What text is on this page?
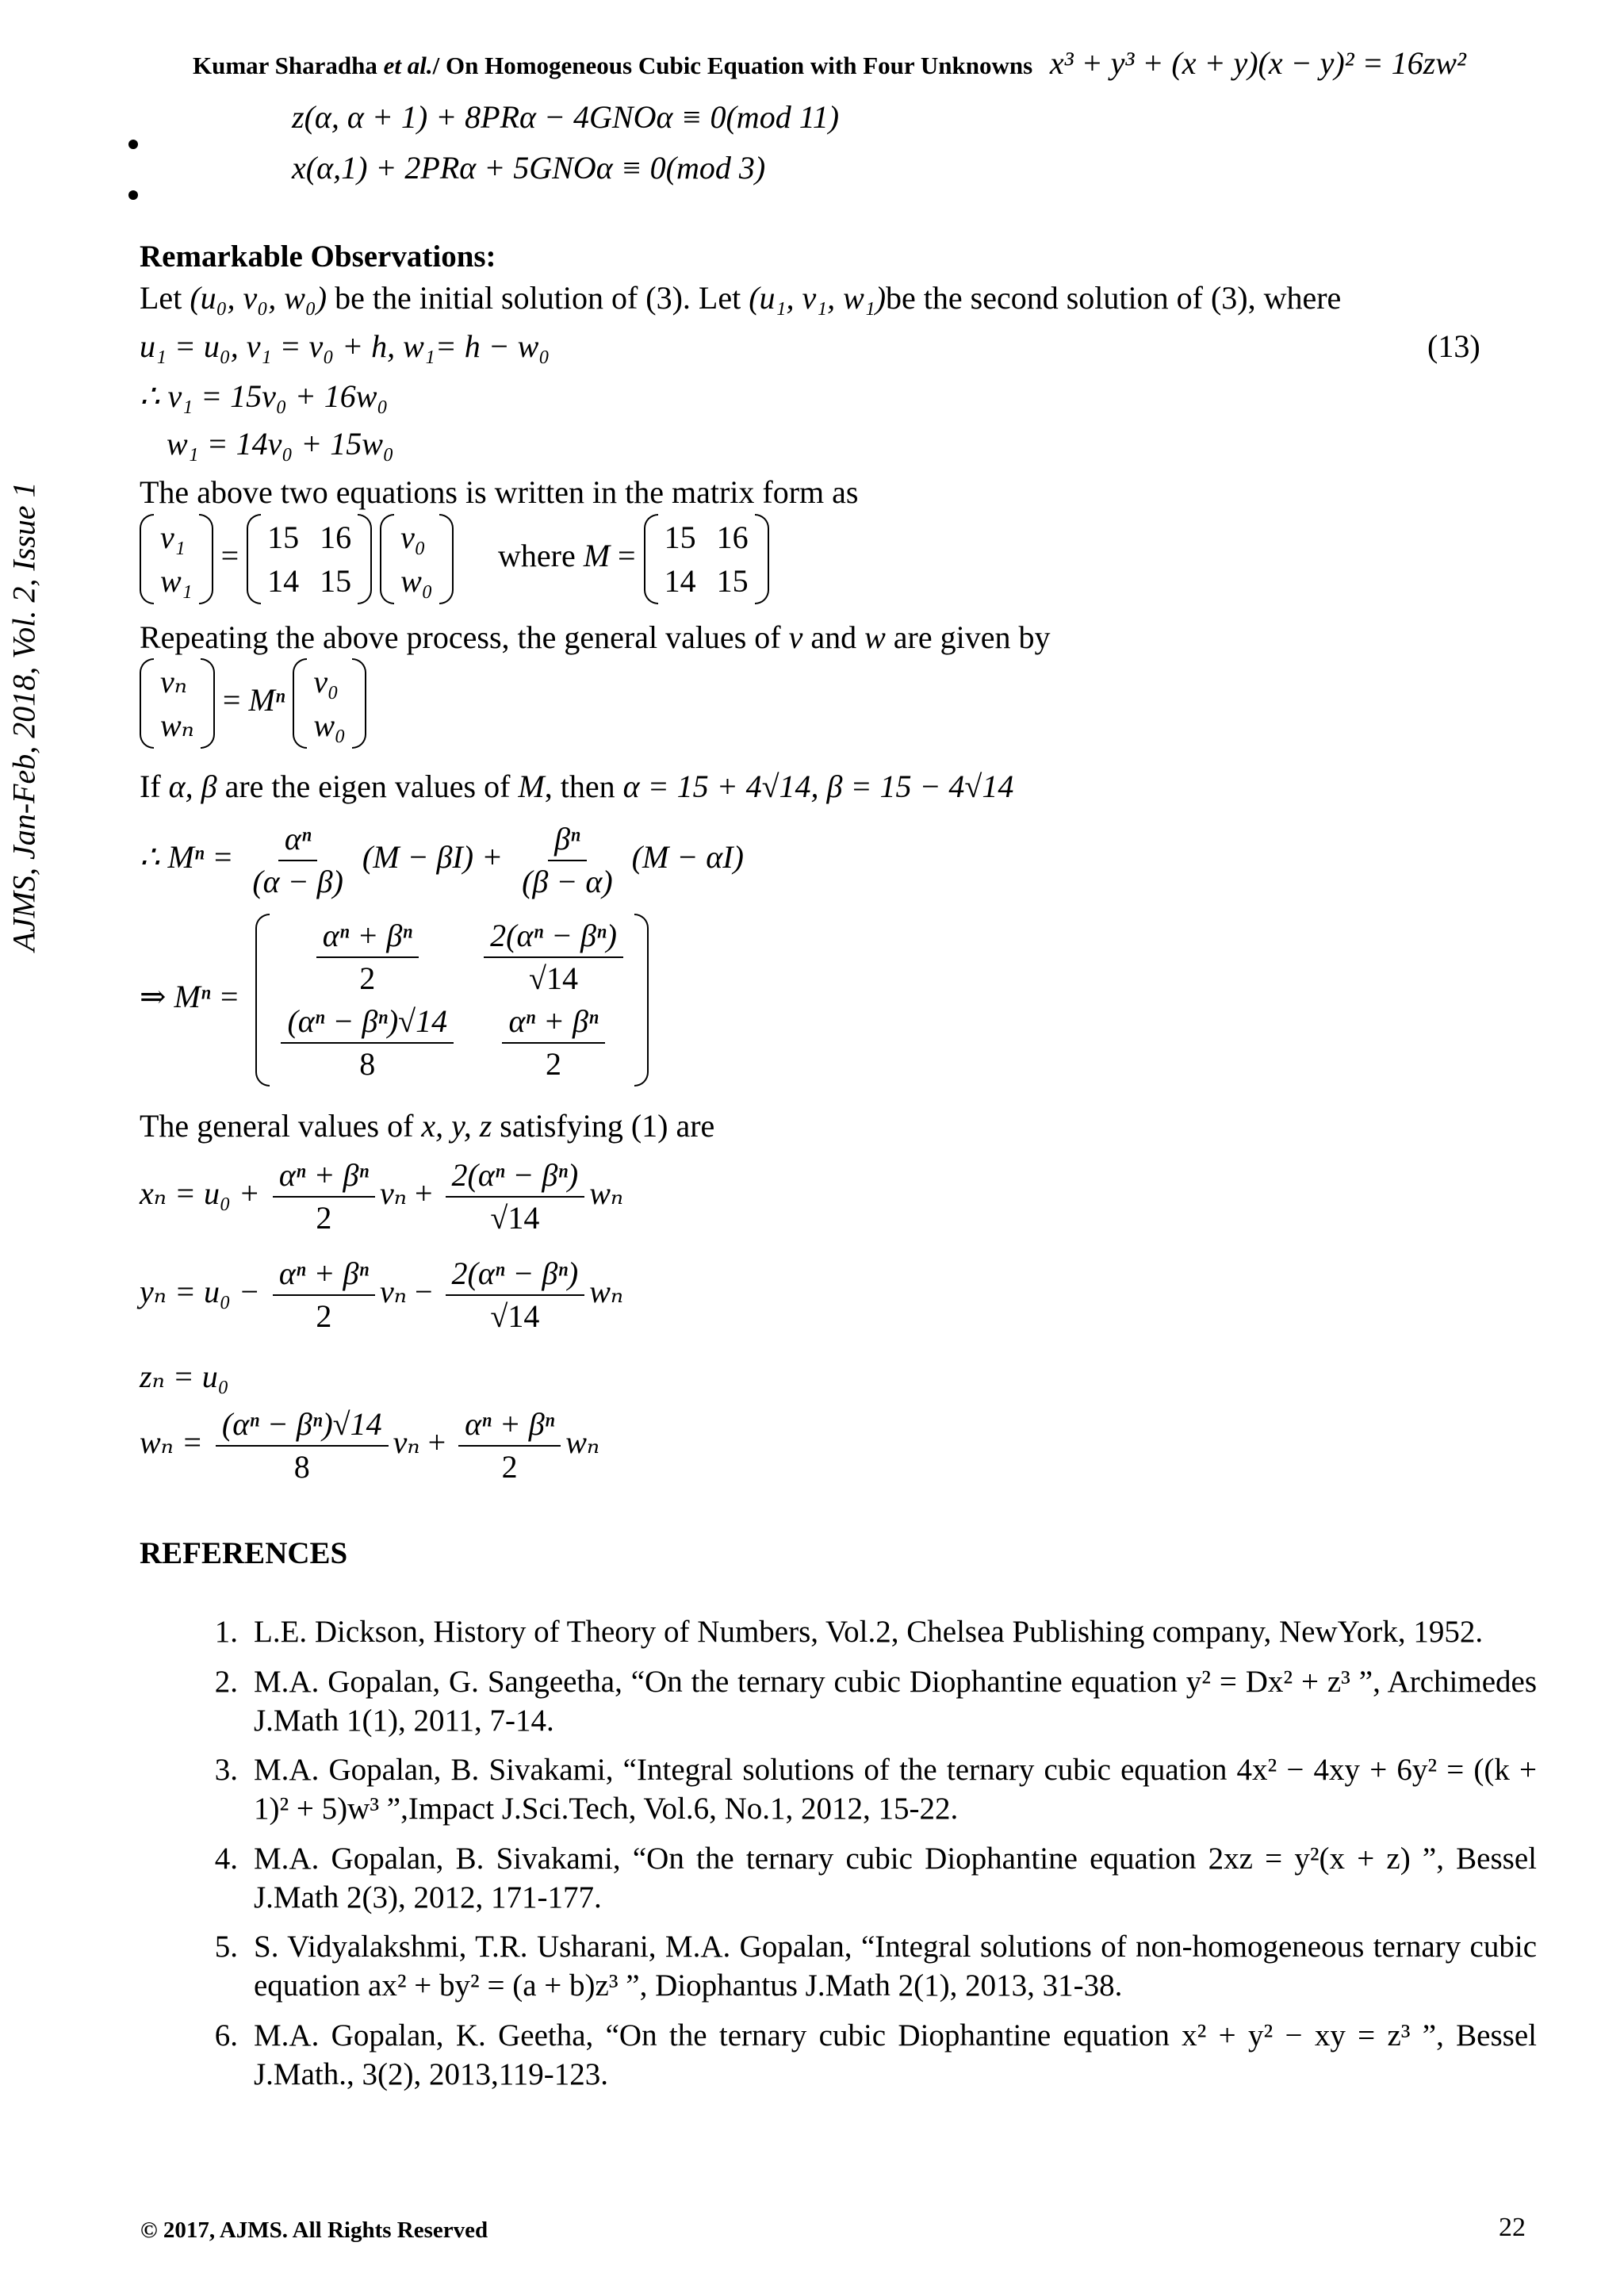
Kumar Sharadha et al./ On Homogeneous Cubic Equation with Four Unknowns x³ + y³ + (x + y)(x − y)² = 16zw²
AJMS, Jan-Feb, 2018, Vol. 2, Issue 1
z(α, α + 1) + 8PRα − 4GNOα ≡ 0(mod 11)
x(α,1) + 2PRα + 5GNOα ≡ 0(mod 3)
Remarkable Observations:
Let (u₀, v₀, w₀) be the initial solution of (3). Let (u₁, v₁, w₁)be the second solution of (3), where
u₁ = u₀, v₁ = v₀ + h, w₁= h − w₀	(13)
∴ v₁ = 15v₀ + 16w₀
w₁ = 14v₀ + 15w₀
The above two equations is written in the matrix form as
v₁
w₁
=
15 16
14 15

v₀
w₀
where M =
15 16
14 15
Repeating the above process, the general values of v and w are given by
vₙ
wₙ
= Mⁿ
v₀
w₀
If α, β are the eigen values of M, then α = 15 + 4√14, β = 15 − 4√14
∴ $M^n = \frac{\text{αⁿ}}{(\alpha - \beta)} (M - \beta I) + \frac{\text{βⁿ}}{(\beta - \alpha)} (M - \alpha I)$
⇒ Mⁿ =
$\frac{\text{αⁿ + βⁿ}}{2} \frac{\text{2(αⁿ − βⁿ)}}{√14}$
$\frac{\text{(αⁿ − βⁿ)√14}}{8} \frac{\text{αⁿ + βⁿ}}{2}$
The general values of x, y, z satisfying (1) are
$x_n = u_0 + \frac{\text{αⁿ + βⁿ}}{2}$ $v_n + \frac{\text{2(αⁿ − βⁿ)}}{√14}$ wₙ
$y_n = u_0 - \frac{\text{αⁿ + βⁿ}}{2}$ $v_n - \frac{\text{2(αⁿ − βⁿ)}}{√14}$ wₙ
zₙ = u₀
$w_n = \frac{\text{(αⁿ − βⁿ)√14}}{8}$ $v_n + \frac{\text{αⁿ + βⁿ}}{2}$ wₙ
REFERENCES
1. L.E. Dickson, History of Theory of Numbers, Vol.2, Chelsea Publishing company, NewYork, 1952.
2. M.A. Gopalan, G. Sangeetha, “On the ternary cubic Diophantine equation y² = Dx² + z³ ”, Archimedes J.Math 1(1), 2011, 7-14.
3. M.A. Gopalan, B. Sivakami, “Integral solutions of the ternary cubic equation 4x² − 4xy + 6y² = ((k + 1)² + 5)w³ ”,Impact J.Sci.Tech, Vol.6, No.1, 2012, 15-22.
4. M.A. Gopalan, B. Sivakami, “On the ternary cubic Diophantine equation 2xz = y²(x + z) ”, Bessel J.Math 2(3), 2012, 171-177.
5. S. Vidyalakshmi, T.R. Usharani, M.A. Gopalan, “Integral solutions of non-homogeneous ternary cubic equation ax² + by² = (a + b)z³ ”, Diophantus J.Math 2(1), 2013, 31-38.
6. M.A. Gopalan, K. Geetha, “On the ternary cubic Diophantine equation x² + y² − xy = z³ ”, Bessel J.Math., 3(2), 2013,119-123.
© 2017, AJMS. All Rights Reserved	22
